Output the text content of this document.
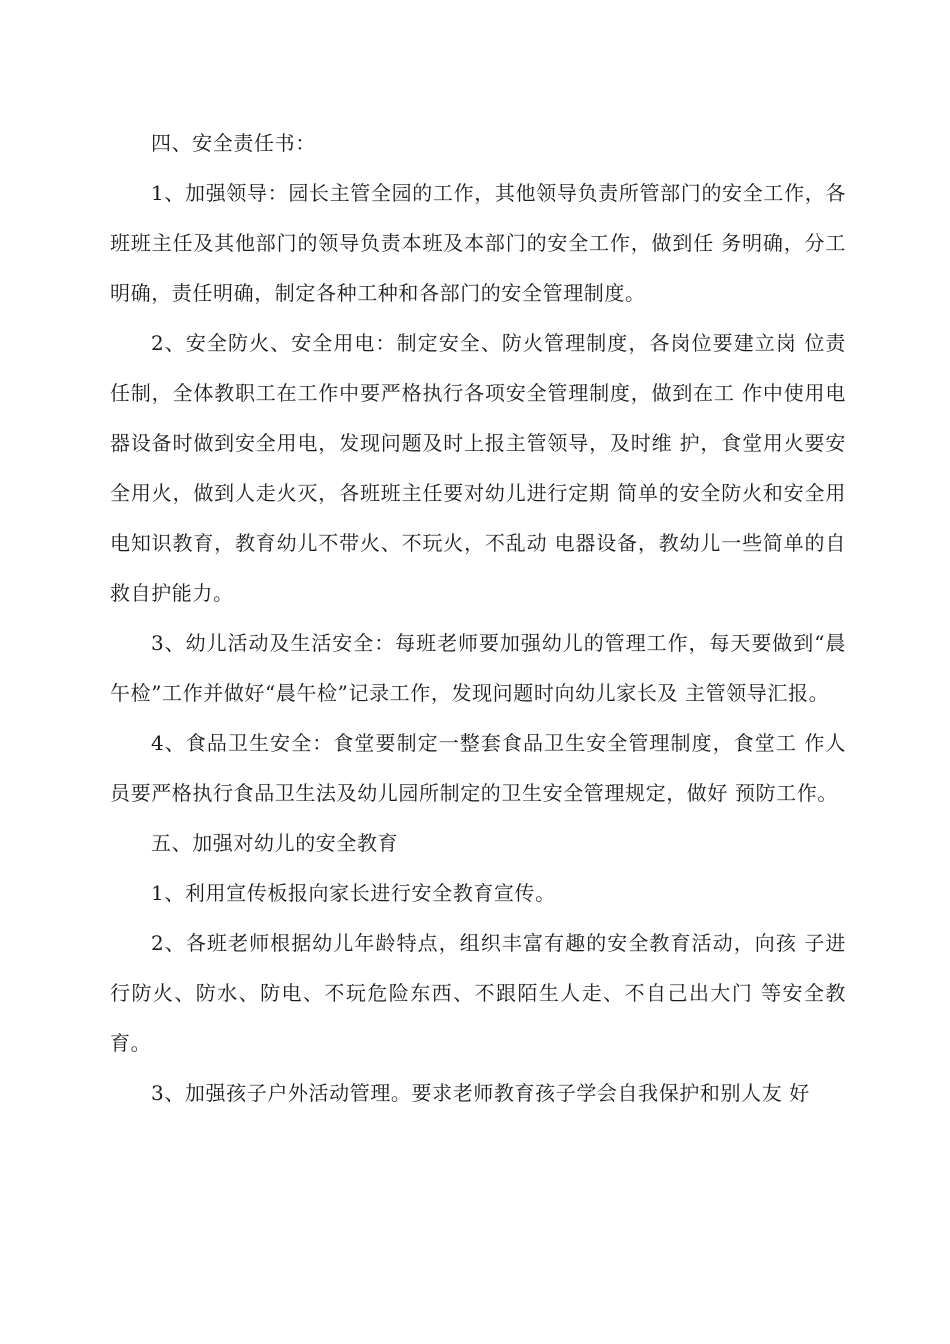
四、安全责任书：

1、加强领导：园长主管全园的工作，其他领导负责所管部门的安全工作，各班班主任及其他部门的领导负责本班及本部门的安全工作，做到任 务明确，分工明确，责任明确，制定各种工种和各部门的安全管理制度。

2、安全防火、安全用电：制定安全、防火管理制度，各岗位要建立岗 位责任制，全体教职工在工作中要严格执行各项安全管理制度，做到在工 作中使用电器设备时做到安全用电，发现问题及时上报主管领导，及时维 护，食堂用火要安全用火，做到人走火灭，各班班主任要对幼儿进行定期 简单的安全防火和安全用电知识教育，教育幼儿不带火、不玩火，不乱动 电器设备，教幼儿一些简单的自救自护能力。

3、幼儿活动及生活安全：每班老师要加强幼儿的管理工作，每天要做到“晨午检”工作并做好“晨午检”记录工作，发现问题时向幼儿家长及 主管领导汇报。

4、食品卫生安全：食堂要制定一整套食品卫生安全管理制度，食堂工 作人员要严格执行食品卫生法及幼儿园所制定的卫生安全管理规定，做好 预防工作。

五、加强对幼儿的安全教育

1、利用宣传板报向家长进行安全教育宣传。

2、各班老师根据幼儿年龄特点，组织丰富有趣的安全教育活动，向孩 子进行防火、防水、防电、不玩危险东西、不跟陌生人走、不自己出大门 等安全教育。

3、加强孩子户外活动管理。要求老师教育孩子学会自我保护和别人友 好
